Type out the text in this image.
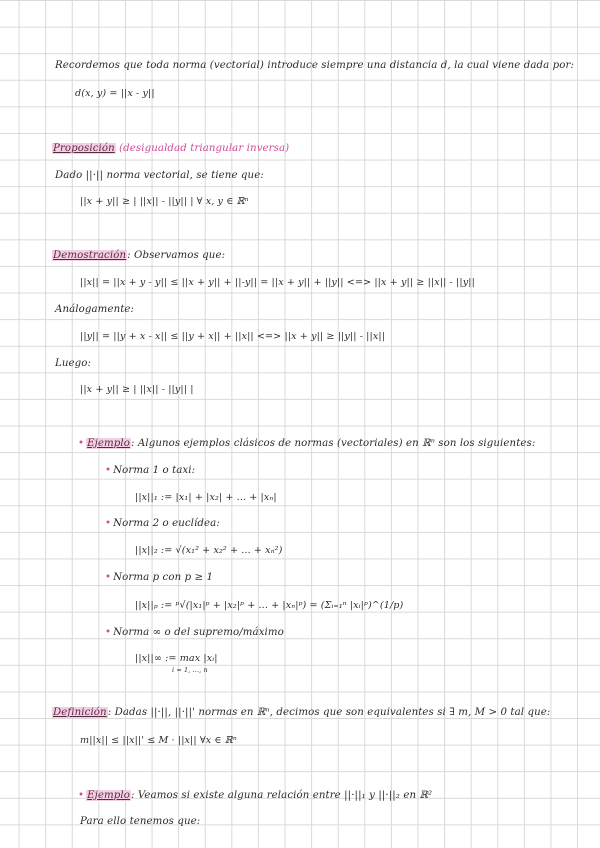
Recordemos que toda norma (vectorial) introduce siempre una distancia d, la cual viene dada por:
d(x, y) = ||x - y||
Proposición (desigualdad triangular inversa)
Dado ||·|| norma vectorial, se tiene que:
||x + y|| ≥ | ||x|| - ||y|| | ∀ x, y ∈ ℝⁿ
Demostración: Observamos que:
||x|| = ||x + y - y|| ≤ ||x + y|| + ||-y|| = ||x + y|| + ||y|| <=> ||x + y|| ≥ ||x|| - ||y||
Análogamente:
||y|| = ||y + x - x|| ≤ ||y + x|| + ||x|| <=> ||x + y|| ≥ ||y|| - ||x||
Luego:
||x + y|| ≥ | ||x|| - ||y|| |
• Ejemplo: Algunos ejemplos clásicos de normas (vectoriales) en ℝⁿ son los siguientes:
• Norma 1 o taxi:
||x||₁ := |x₁| + |x₂| + ... + |xₙ|
• Norma 2 o euclídea:
||x||₂ := √(x₁² + x₂² + ... + xₙ²)
• Norma p con p ≥ 1
||x||ₚ := ᵖ√(|x₁|ᵖ + |x₂|ᵖ + ... + |xₙ|ᵖ) = (Σᵢ₌₁ⁿ |xᵢ|ᵖ)^(1/p)
• Norma ∞ o del supremo/máximo
||x||∞ := max |xᵢ|
i = 1, ..., n
Definición: Dadas ||·||, ||·||' normas en ℝⁿ, decimos que son equivalentes si ∃ m, M > 0 tal que:
m||x|| ≤ ||x||' ≤ M · ||x|| ∀x ∈ ℝⁿ
• Ejemplo: Veamos si existe alguna relación entre ||·||₁ y ||·||₂ en ℝ²
Para ello tenemos que:
